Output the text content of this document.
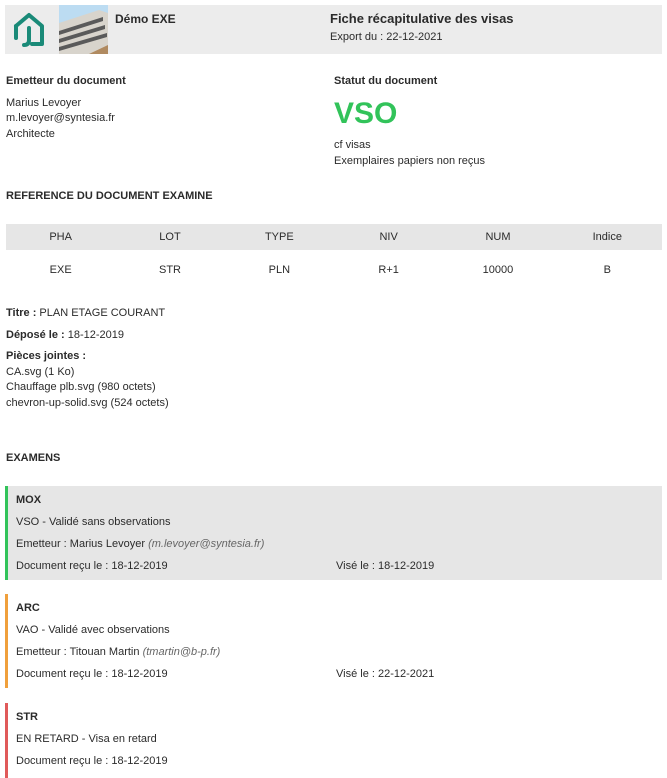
Démo EXE	Fiche récapitulative des visas
Export du : 22-12-2021
Emetteur du document
Marius Levoyer
m.levoyer@syntesia.fr
Architecte
Statut du document
VSO
cf visas
Exemplaires papiers non reçus
REFERENCE DU DOCUMENT EXAMINE
PHA	LOT	TYPE	NIV	NUM	Indice
EXE	STR	PLN	R+1	10000	B
Titre : PLAN ETAGE COURANT
Déposé le : 18-12-2019
Pièces jointes :
CA.svg (1 Ko)
Chauffage plb.svg (980 octets)
chevron-up-solid.svg (524 octets)
EXAMENS
MOX
VSO - Validé sans observations
Emetteur : Marius Levoyer (m.levoyer@syntesia.fr)
Document reçu le : 18-12-2019	Visé le : 18-12-2019
ARC
VAO - Validé avec observations
Emetteur : Titouan Martin (tmartin@b-p.fr)
Document reçu le : 18-12-2019	Visé le : 22-12-2021
STR
EN RETARD - Visa en retard
Document reçu le : 18-12-2019
